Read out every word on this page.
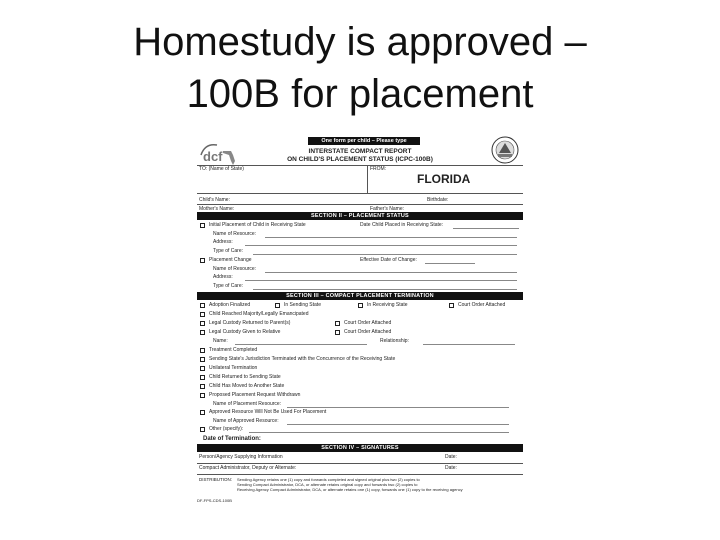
Homestudy is approved –
100B for placement
dcf
One form per child – Please type
INTERSTATE COMPACT REPORT
ON CHILD'S PLACEMENT STATUS (ICPC-100B)
TO: (Name of State)	FROM:
FLORIDA
Child's Name:	Birthdate:
Mother's Name:	Father's Name:
SECTION II – PLACEMENT STATUS
Initial Placement of Child in Receiving State	Date Child Placed in Receiving State:
Name of Resource:
Address:
Type of Care:
Placement Change	Effective Date of Change:
Name of Resource:
Address:
Type of Care:
SECTION III – COMPACT PLACEMENT TERMINATION
Adoption Finalized	In Sending State	In Receiving State	Court Order Attached
Child Reached Majority/Legally Emancipated
Legal Custody Returned to Parent(s)	Court Order Attached
Legal Custody Given to Relative	Court Order Attached
Name:	Relationship:
Treatment Completed
Sending State's Jurisdiction Terminated with the Concurrence of the Receiving State
Unilateral Termination
Child Returned to Sending State
Child Has Moved to Another State
Proposed Placement Request Withdrawn
Name of Placement Resource:
Approved Resource Will Not Be Used For Placement
Name of Approved Resource:
Other (specify):
Date of Termination:
SECTION IV – SIGNATURES
Person/Agency Supplying Information	Date:
Compact Administrator, Deputy or Alternate:	Date:
DISTRIBUTION: Sending Agency retains one (1) copy and forwards completed and signed original plus two (2) copies to
Sending Compact Administrator, DCA, or alternate retains original copy and forwards two (2) copies to
Receiving Agency Compact Administrator, DCA, or alternate retains one (1) copy, forwards one (1) copy to the receiving agency
DF-FPS-CDS-100B
